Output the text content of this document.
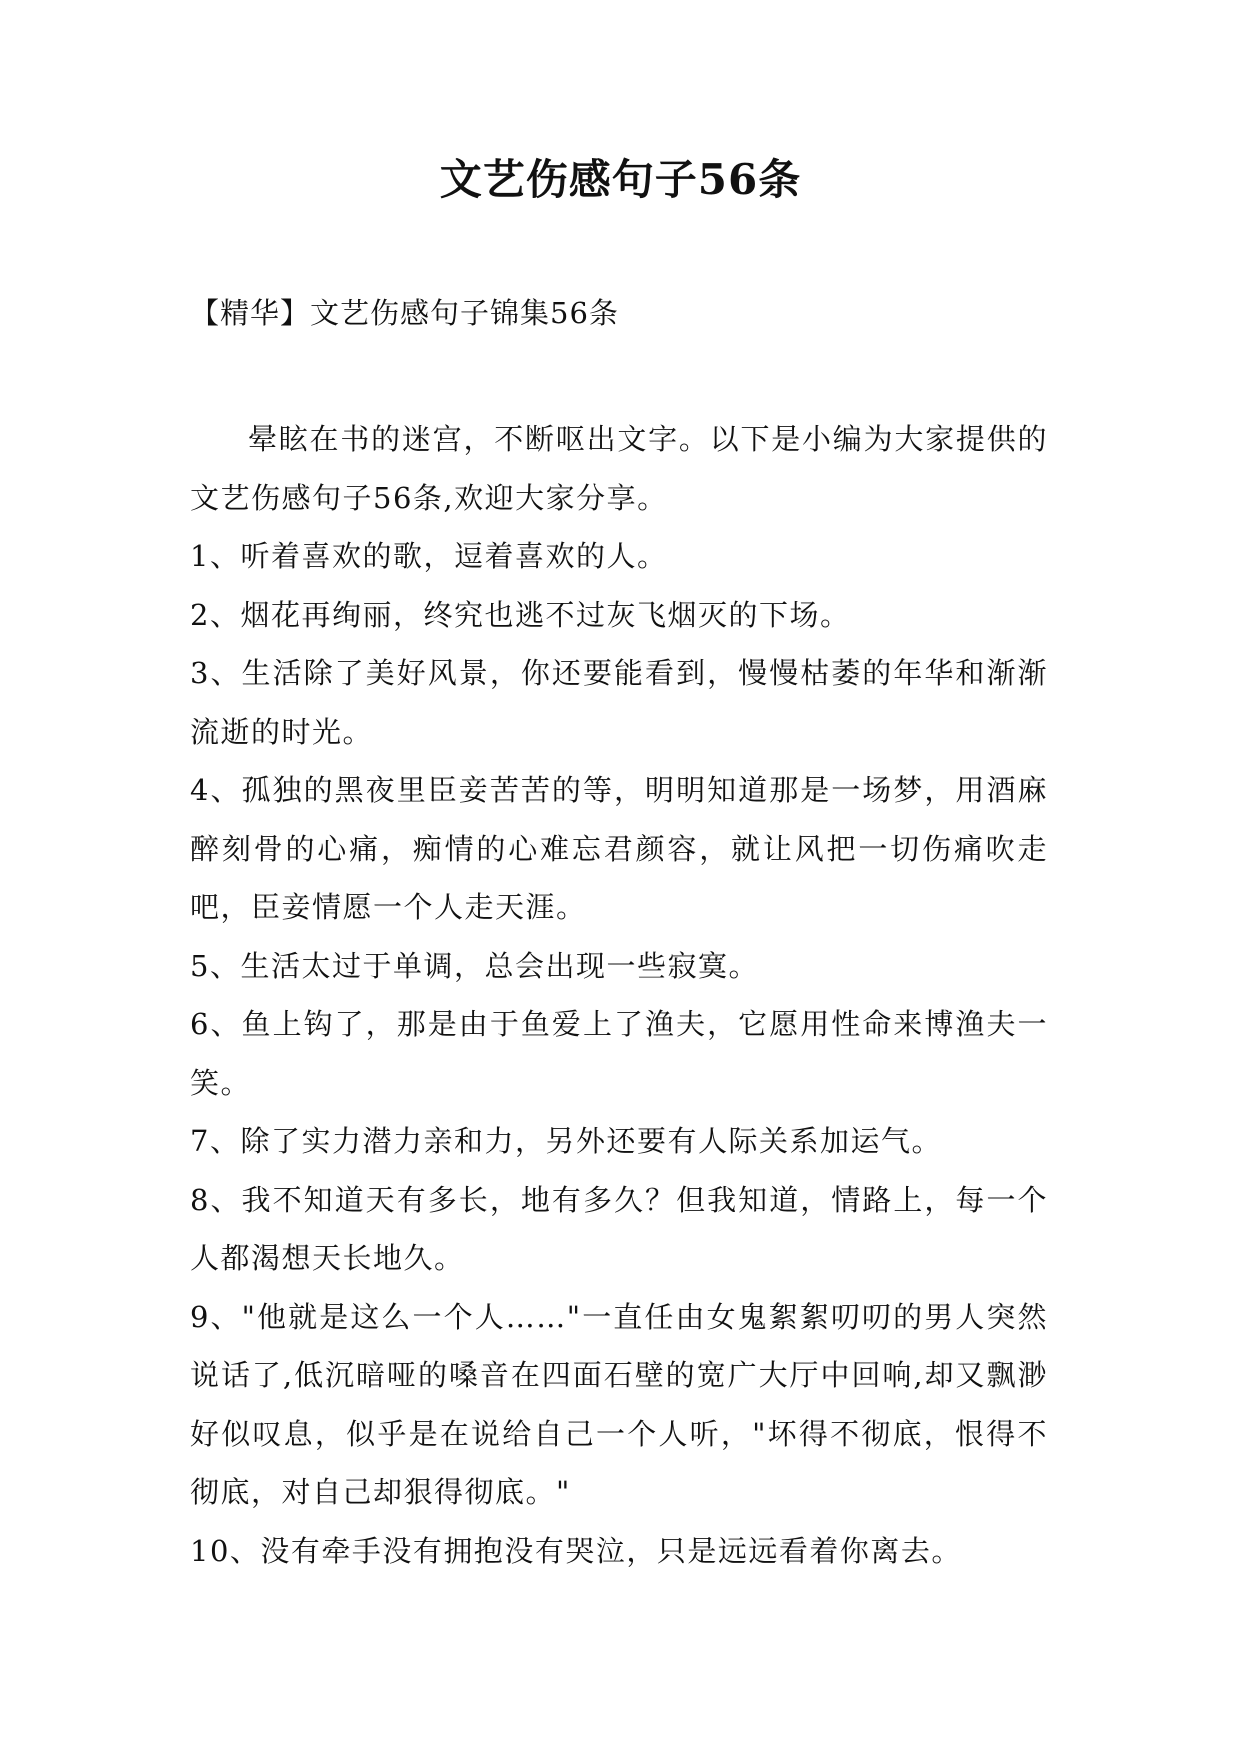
文艺伤感句子56条
【精华】文艺伤感句子锦集56条

晕眩在书的迷宫，不断呕出文字。以下是小编为大家提供的文艺伤感句子56条,欢迎大家分享。

1、听着喜欢的歌，逗着喜欢的人。

2、烟花再绚丽，终究也逃不过灰飞烟灭的下场。

3、生活除了美好风景，你还要能看到，慢慢枯萎的年华和渐渐流逝的时光。

4、孤独的黑夜里臣妾苦苦的等，明明知道那是一场梦，用酒麻醉刻骨的心痛，痴情的心难忘君颜容，就让风把一切伤痛吹走吧，臣妾情愿一个人走天涯。

5、生活太过于单调，总会出现一些寂寞。

6、鱼上钩了，那是由于鱼爱上了渔夫，它愿用性命来博渔夫一笑。

7、除了实力潜力亲和力，另外还要有人际关系加运气。

8、我不知道天有多长，地有多久？但我知道，情路上，每一个人都渴想天长地久。

9、"他就是这么一个人……"一直任由女鬼絮絮叨叨的男人突然说话了,低沉暗哑的嗓音在四面石壁的宽广大厅中回响,却又飘渺好似叹息，似乎是在说给自己一个人听，"坏得不彻底，恨得不彻底，对自己却狠得彻底。"

10、没有牵手没有拥抱没有哭泣，只是远远看着你离去。
